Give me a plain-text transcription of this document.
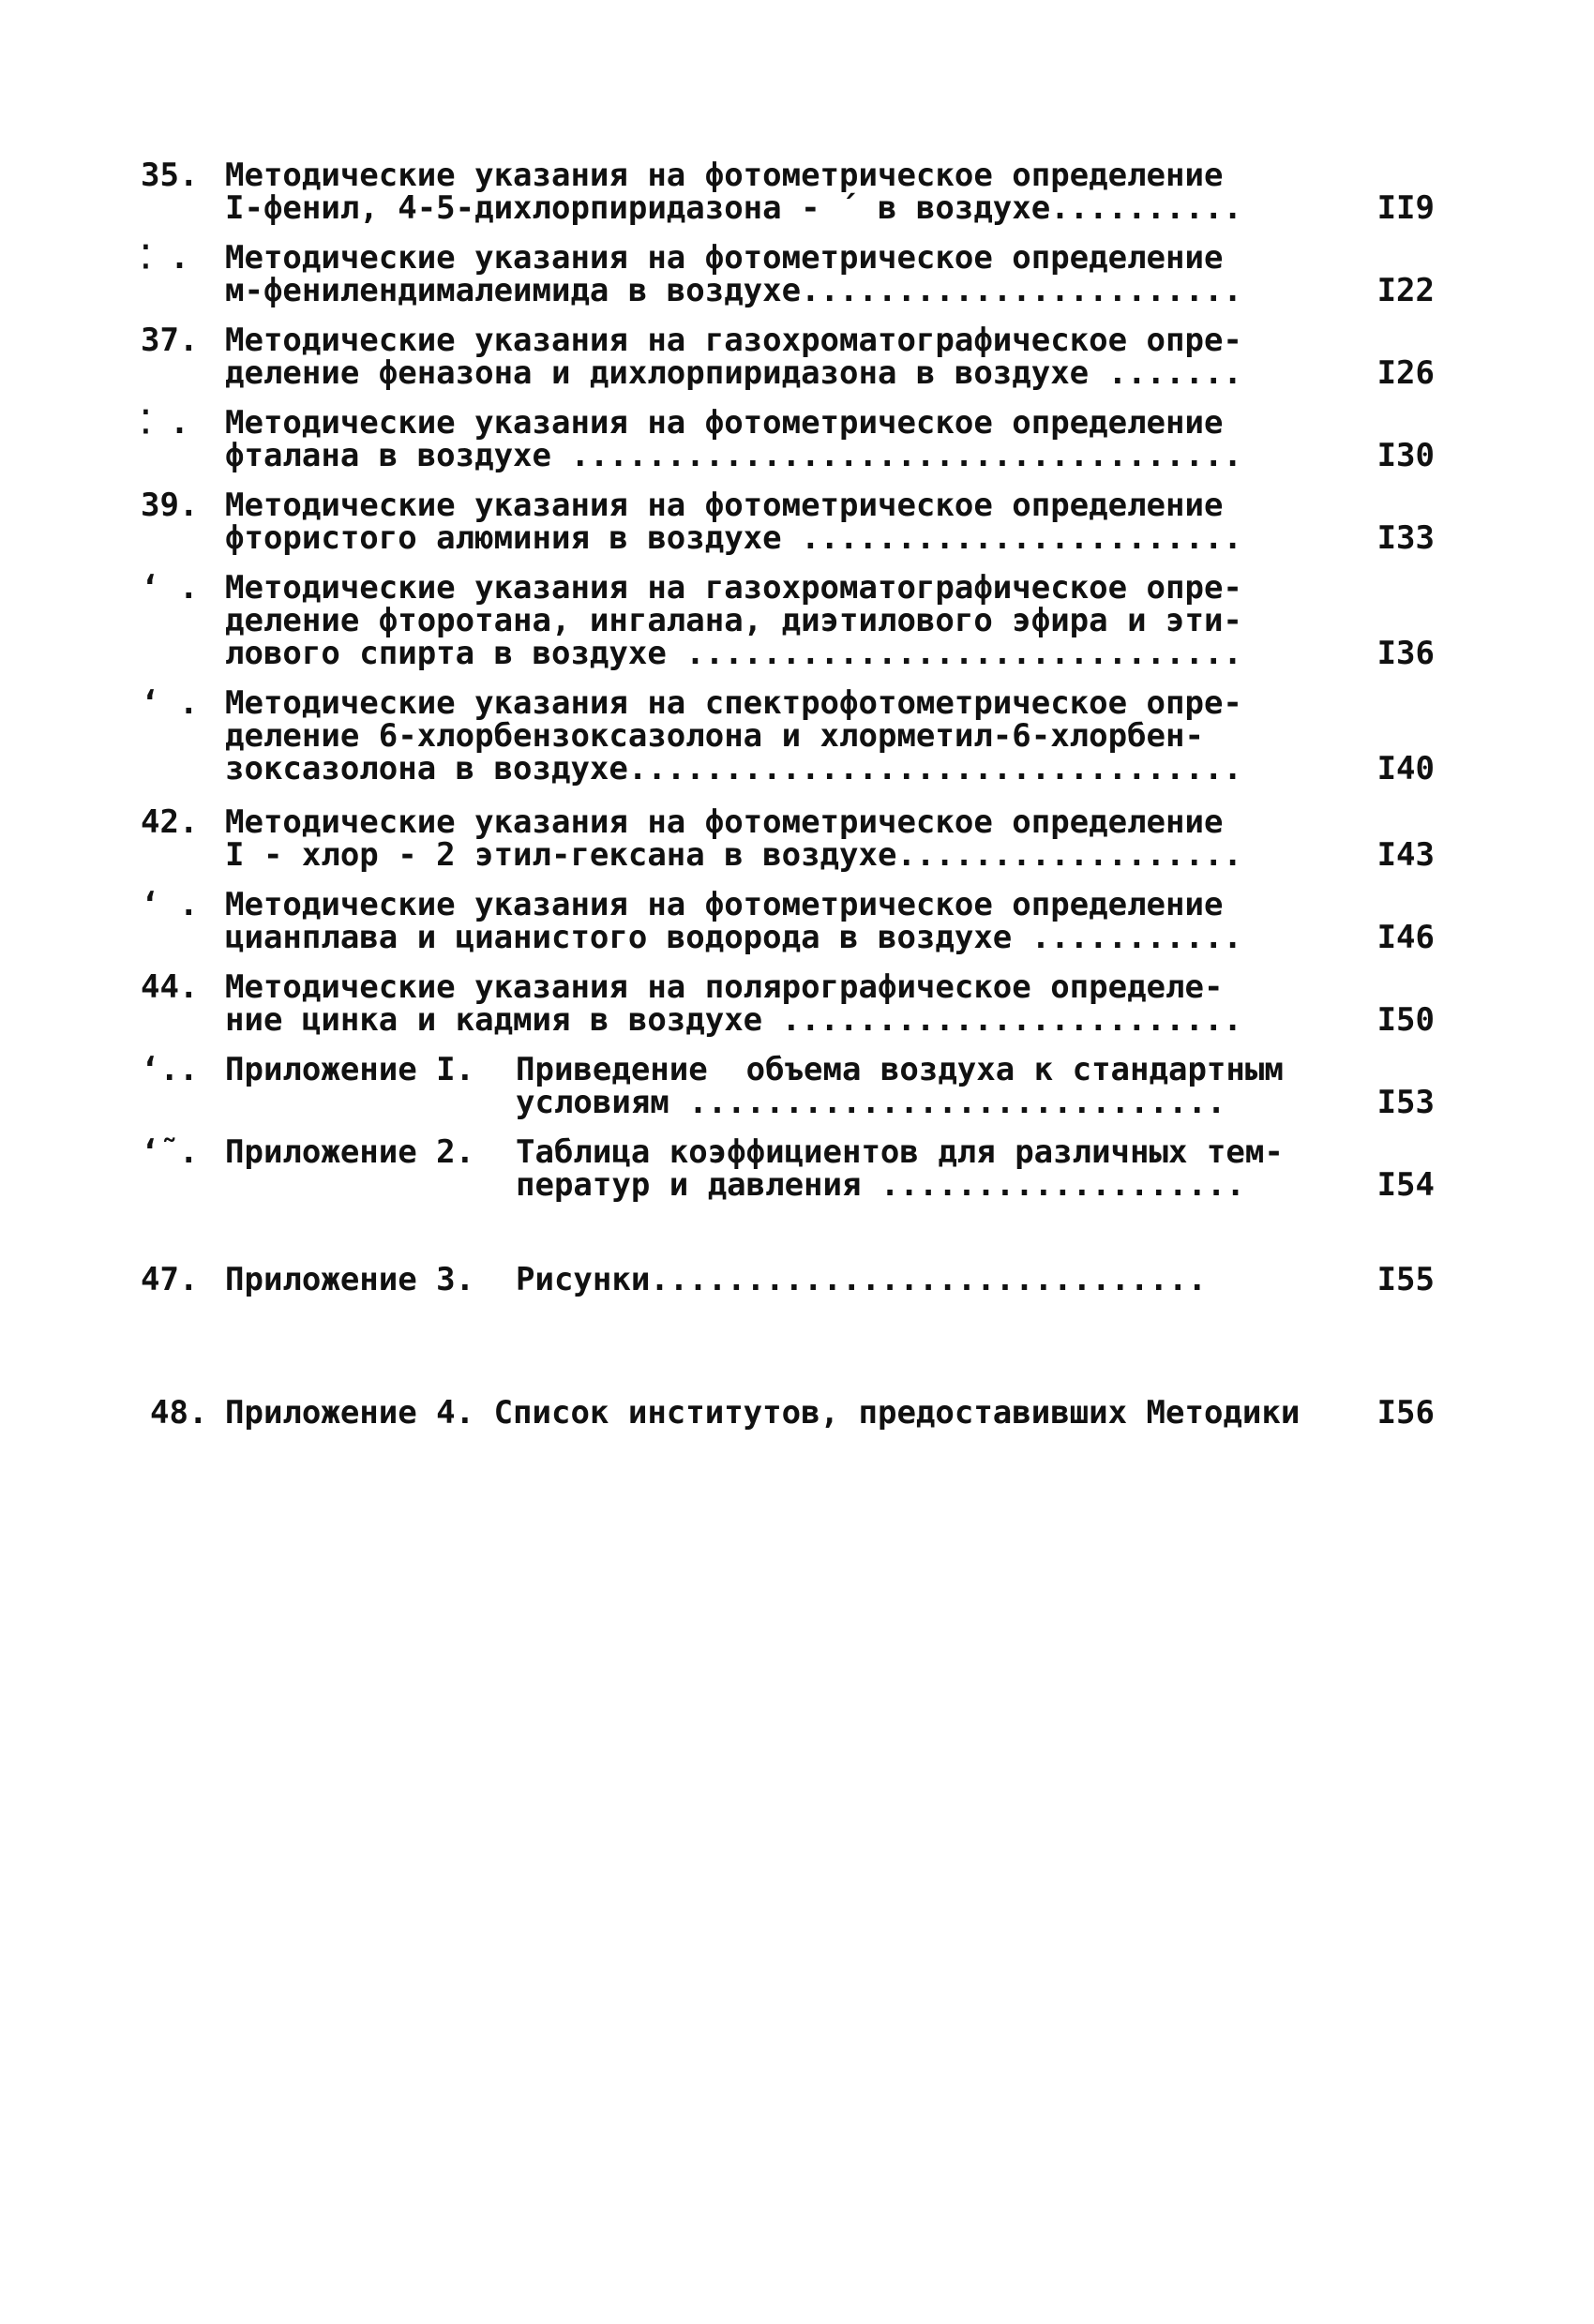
35. Методические указания на фотометрическое определение
I-фенил, 4-5-дихлорпиридазона - ´ в воздухе..........	II9
⁚ .	Методические указания на фотометрическое определение
м-фенилендималеимида в воздухе.......................	I22
37. Методические указания на газохроматографическое опре-
деление феназона и дихлорпиридазона в воздухе .......	I26
⁚ .	Методические указания на фотометрическое определение
фталана в воздухе ...................................	I30
39. Методические указания на фотометрическое определение
фтористого алюминия в воздухе .......................	I33
ʻ . Методические указания на газохроматографическое опре-
деление фторотана, ингалана, диэтилового эфира и эти-
лового спирта в воздухе .............................	I36
ʻ . Методические указания на спектрофотометрическое опре-
деление 6-хлорбензоксазолона и хлорметил-6-хлорбен-
зоксазолона в воздухе................................	I40
42. Методические указания на фотометрическое определение
I - хлор - 2 этил-гексана в воздухе..................	I43
ʻ . Методические указания на фотометрическое определение
цианплава и цианистого водорода в воздухе ...........	I46
44. Методические указания на полярографическое определе-
ние цинка и кадмия в воздухе ........................	I50
ʻ.. Приложение I. Приведение  объема воздуха к стандартным
условиям ............................	I53
ʻ˜. Приложение 2. Таблица коэффициентов для различных тем-
ператур и давления ...................	I54
47. Приложение 3. Рисунки.............................	I55
48. Приложение 4. Список институтов, предоставивших Методики	I56
